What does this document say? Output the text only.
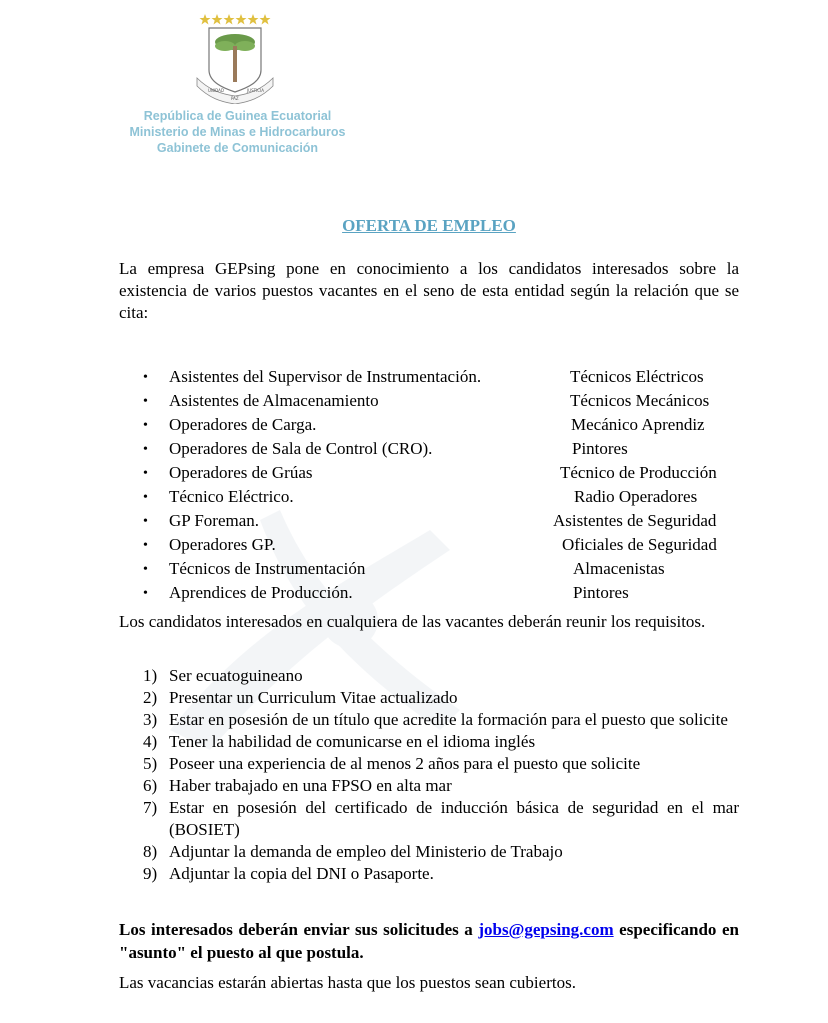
UNIDAD
PAZ
JUSTICIA
República de Guinea Ecuatorial
Ministerio de Minas e Hidrocarburos
Gabinete de Comunicación
OFERTA DE EMPLEO
La empresa GEPsing pone en conocimiento a los candidatos interesados sobre la existencia de varios puestos vacantes en el seno de esta entidad según la relación que se cita:
• Asistentes del Supervisor de Instrumentación.	Técnicos Eléctricos
• Asistentes de Almacenamiento	Técnicos Mecánicos
• Operadores de Carga.	Mecánico Aprendiz
• Operadores de Sala de Control (CRO).	Pintores
• Operadores de Grúas	Técnico de Producción
• Técnico Eléctrico.	Radio Operadores
• GP Foreman.	Asistentes de Seguridad
• Operadores GP.	Oficiales de Seguridad
• Técnicos de Instrumentación	Almacenistas
• Aprendices de Producción.	Pintores
Los candidatos interesados en cualquiera de las vacantes deberán reunir los requisitos.
1) Ser ecuatoguineano
2) Presentar un Curriculum Vitae actualizado
3) Estar en posesión de un título que acredite la formación para el puesto que solicite
4) Tener la habilidad de comunicarse en el idioma inglés
5) Poseer una experiencia de al menos 2 años para el puesto que solicite
6) Haber trabajado en una FPSO en alta mar
7) Estar en posesión del certificado de inducción básica de seguridad en el mar (BOSIET)
8) Adjuntar la demanda de empleo del Ministerio de Trabajo
9) Adjuntar la copia del DNI o Pasaporte.
Los interesados deberán enviar sus solicitudes a jobs@gepsing.com especificando en "asunto" el puesto al que postula.
Las vacancias estarán abiertas hasta que los puestos sean cubiertos.
